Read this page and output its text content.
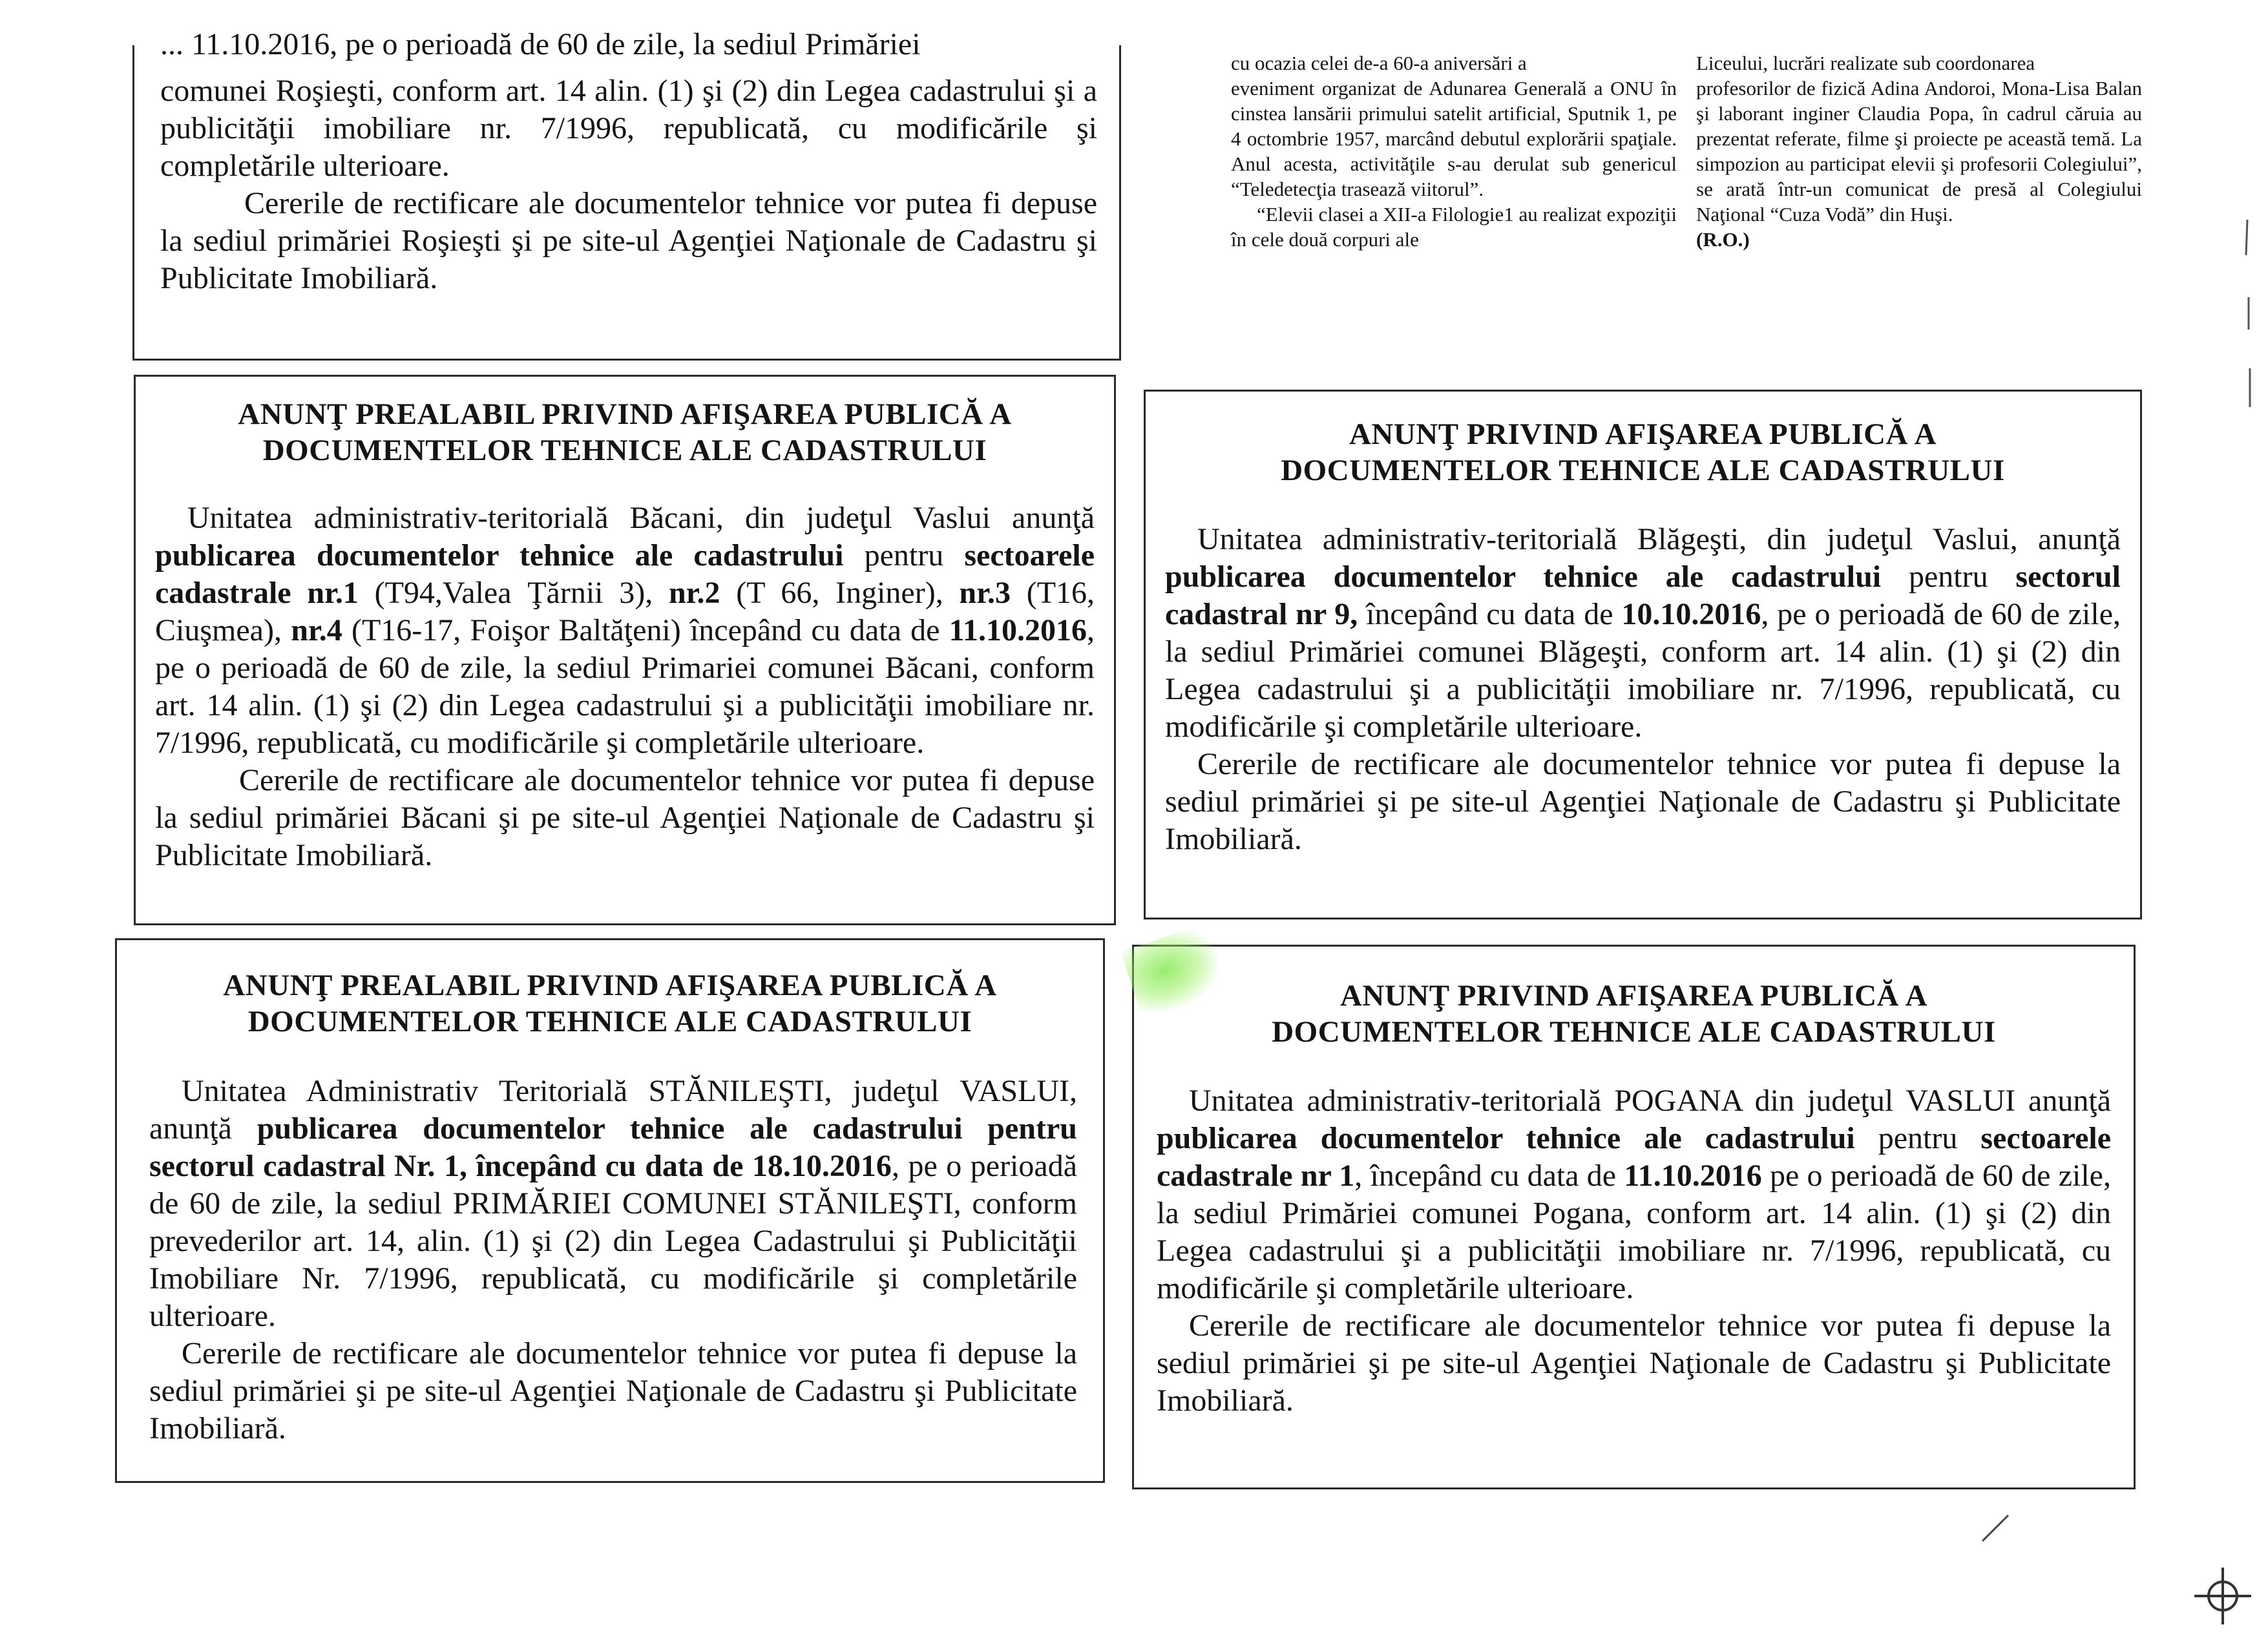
... 11.10.2016, pe o perioadă de 60 de zile, la sediul Primăriei

comunei Roşieşti, conform art. 14 alin. (1) şi (2) din Legea cadastrului şi a publicităţii imobiliare nr. 7/1996, republicată, cu modificările şi completările ulterioare.

Cererile de rectificare ale documentelor tehnice vor putea fi depuse la sediul primăriei Roşieşti şi pe site-ul Agenţiei Naţionale de Cadastru şi Publicitate Imobiliară.

cu ocazia celei de-a 60-a aniversări a

eveniment organizat de Adunarea Generală a ONU în cinstea lansării primului satelit artificial, Sputnik 1, pe 4 octombrie 1957, marcând debutul explorării spaţiale. Anul acesta, activităţile s-au derulat sub genericul “Teledetecţia trasează viitorul”.

“Elevii clasei a XII-a Filologie1 au realizat expoziţii în cele două corpuri ale

Liceului, lucrări realizate sub coordonarea

profesorilor de fizică Adina Andoroi, Mona-Lisa Balan şi laborant inginer Claudia Popa, în cadrul căruia au prezentat referate, filme şi proiecte pe această temă. La simpozion au participat elevii şi profesorii Colegiului”, se arată într-un comunicat de presă al Colegiului Naţional “Cuza Vodă” din Huşi.

(R.O.)

ANUNŢ PREALABIL PRIVIND AFIŞAREA PUBLICĂ A
DOCUMENTELOR TEHNICE ALE CADASTRULUI

Unitatea administrativ-teritorială Băcani, din judeţul Vaslui anunţă publicarea documentelor tehnice ale cadastrului pentru sectoarele cadastrale nr.1 (T94,Valea Ţărnii 3), nr.2 (T 66, Inginer), nr.3 (T16, Ciuşmea), nr.4 (T16-17, Foişor Baltăţeni) începând cu data de 11.10.2016, pe o perioadă de 60 de zile, la sediul Primariei comunei Băcani, conform art. 14 alin. (1) şi (2) din Legea cadastrului şi a publicităţii imobiliare nr. 7/1996, republicată, cu modificările şi completările ulterioare.

Cererile de rectificare ale documentelor tehnice vor putea fi depuse la sediul primăriei Băcani şi pe site-ul Agenţiei Naţionale de Cadastru şi Publicitate Imobiliară.

ANUNŢ PRIVIND AFIŞAREA PUBLICĂ A
DOCUMENTELOR TEHNICE ALE CADASTRULUI

Unitatea administrativ-teritorială Blăgeşti, din judeţul Vaslui, anunţă publicarea documentelor tehnice ale cadastrului pentru sectorul cadastral nr 9, începând cu data de 10.10.2016, pe o perioadă de 60 de zile, la sediul Primăriei comunei Blăgeşti, conform art. 14 alin. (1) şi (2) din Legea cadastrului şi a publicităţii imobiliare nr. 7/1996, republicată, cu modificările şi completările ulterioare.

Cererile de rectificare ale documentelor tehnice vor putea fi depuse la sediul primăriei şi pe site-ul Agenţiei Naţionale de Cadastru şi Publicitate Imobiliară.

ANUNŢ PREALABIL PRIVIND AFIŞAREA PUBLICĂ A
DOCUMENTELOR TEHNICE ALE CADASTRULUI

Unitatea Administrativ Teritorială STĂNILEŞTI, judeţul VASLUI, anunţă publicarea documentelor tehnice ale cadastrului pentru sectorul cadastral Nr. 1, începând cu data de 18.10.2016, pe o perioadă de 60 de zile, la sediul PRIMĂRIEI COMUNEI STĂNILEŞTI, conform prevederilor art. 14, alin. (1) şi (2) din Legea Cadastrului şi Publicităţii Imobiliare Nr. 7/1996, republicată, cu modificările şi completările ulterioare.

Cererile de rectificare ale documentelor tehnice vor putea fi depuse la sediul primăriei şi pe site-ul Agenţiei Naţionale de Cadastru şi Publicitate Imobiliară.

ANUNŢ PRIVIND AFIŞAREA PUBLICĂ A
DOCUMENTELOR TEHNICE ALE CADASTRULUI

Unitatea administrativ-teritorială POGANA din judeţul VASLUI anunţă publicarea documentelor tehnice ale cadastrului pentru sectoarele cadastrale nr 1, începând cu data de 11.10.2016 pe o perioadă de 60 de zile, la sediul Primăriei comunei Pogana, conform art. 14 alin. (1) şi (2) din Legea cadastrului şi a publicităţii imobiliare nr. 7/1996, republicată, cu modificările şi completările ulterioare.

Cererile de rectificare ale documentelor tehnice vor putea fi depuse la sediul primăriei şi pe site-ul Agenţiei Naţionale de Cadastru şi Publicitate Imobiliară.
